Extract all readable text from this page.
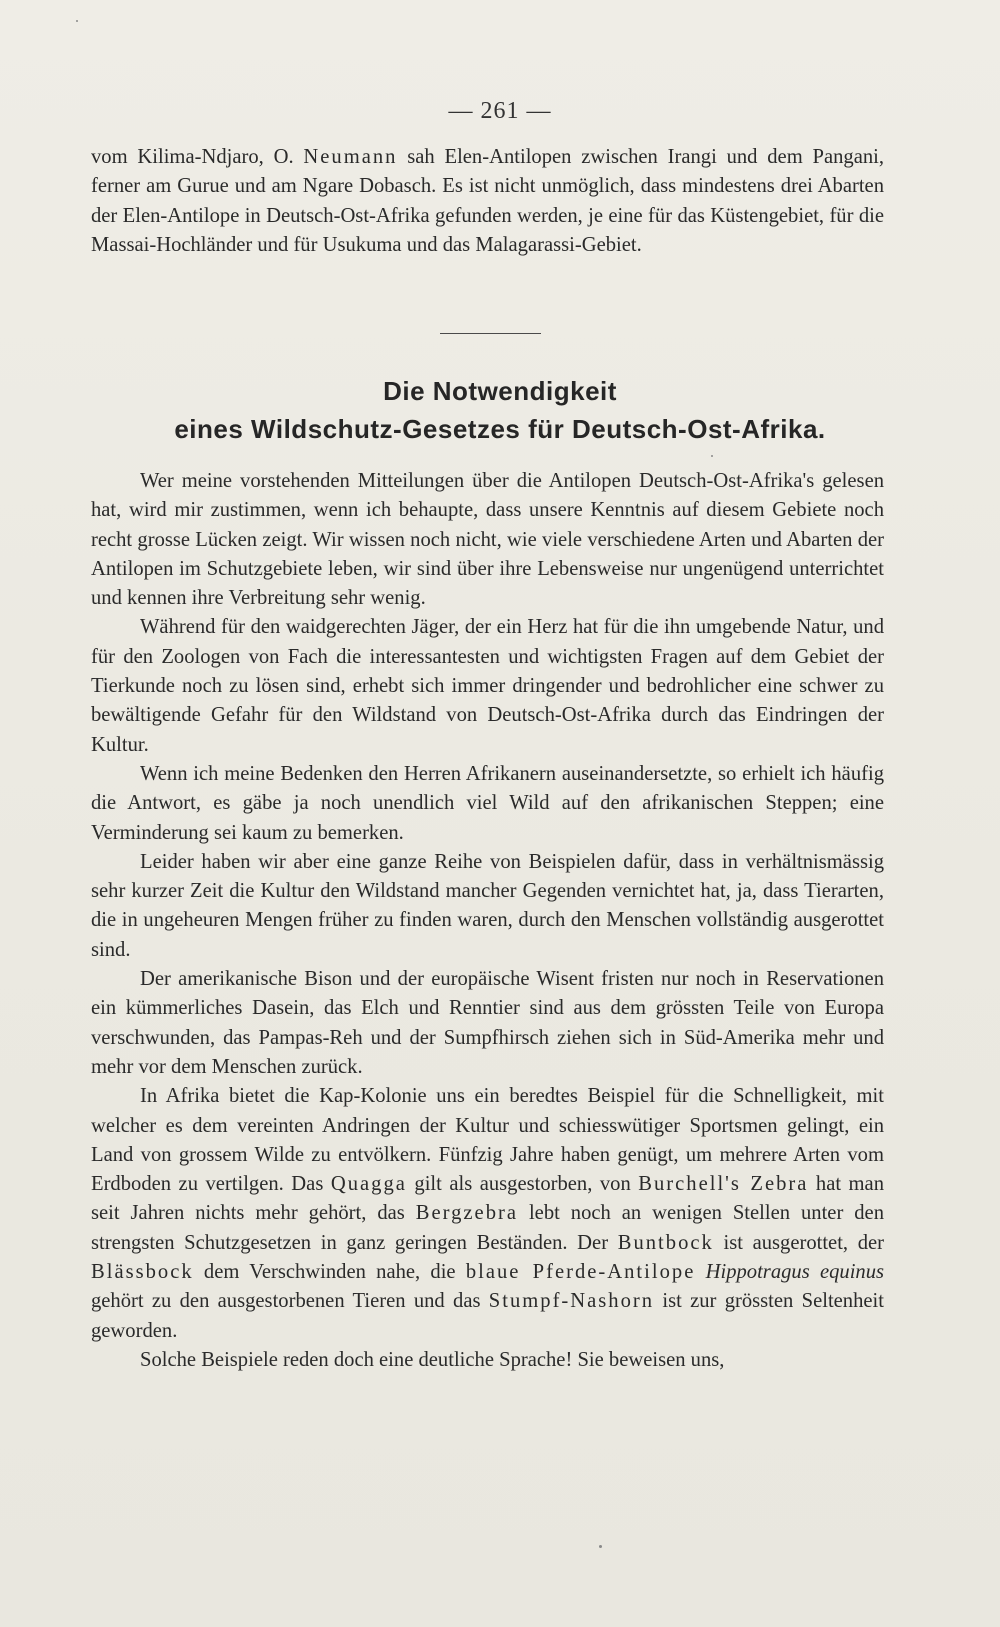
— 261 —

vom Kilima-Ndjaro, O. Neumann sah Elen-Antilopen zwischen Irangi und dem Pangani, ferner am Gurue und am Ngare Dobasch. Es ist nicht unmöglich, dass mindestens drei Abarten der Elen-Antilope in Deutsch-Ost-Afrika gefunden werden, je eine für das Küstengebiet, für die Massai-Hochländer und für Usukuma und das Malagarassi-Gebiet.

Die Notwendigkeit
eines Wildschutz-Gesetzes für Deutsch-Ost-Afrika.

Wer meine vorstehenden Mitteilungen über die Antilopen Deutsch-Ost-Afrika's gelesen hat, wird mir zustimmen, wenn ich behaupte, dass unsere Kenntnis auf diesem Gebiete noch recht grosse Lücken zeigt. Wir wissen noch nicht, wie viele verschiedene Arten und Abarten der Antilopen im Schutzgebiete leben, wir sind über ihre Lebensweise nur ungenügend unterrichtet und kennen ihre Verbreitung sehr wenig.

Während für den waidgerechten Jäger, der ein Herz hat für die ihn umgebende Natur, und für den Zoologen von Fach die interessantesten und wichtigsten Fragen auf dem Gebiet der Tierkunde noch zu lösen sind, erhebt sich immer dringender und bedrohlicher eine schwer zu bewältigende Gefahr für den Wildstand von Deutsch-Ost-Afrika durch das Eindringen der Kultur.

Wenn ich meine Bedenken den Herren Afrikanern auseinandersetzte, so erhielt ich häufig die Antwort, es gäbe ja noch unendlich viel Wild auf den afrikanischen Steppen; eine Verminderung sei kaum zu bemerken.

Leider haben wir aber eine ganze Reihe von Beispielen dafür, dass in verhältnismässig sehr kurzer Zeit die Kultur den Wildstand mancher Gegenden vernichtet hat, ja, dass Tierarten, die in ungeheuren Mengen früher zu finden waren, durch den Menschen vollständig ausgerottet sind.

Der amerikanische Bison und der europäische Wisent fristen nur noch in Reservationen ein kümmerliches Dasein, das Elch und Renntier sind aus dem grössten Teile von Europa verschwunden, das Pampas-Reh und der Sumpfhirsch ziehen sich in Süd-Amerika mehr und mehr vor dem Menschen zurück.

In Afrika bietet die Kap-Kolonie uns ein beredtes Beispiel für die Schnelligkeit, mit welcher es dem vereinten Andringen der Kultur und schiesswütiger Sportsmen gelingt, ein Land von grossem Wilde zu entvölkern. Fünfzig Jahre haben genügt, um mehrere Arten vom Erdboden zu vertilgen. Das Quagga gilt als ausgestorben, von Burchell's Zebra hat man seit Jahren nichts mehr gehört, das Bergzebra lebt noch an wenigen Stellen unter den strengsten Schutzgesetzen in ganz geringen Beständen. Der Buntbock ist ausgerottet, der Blässbock dem Verschwinden nahe, die blaue Pferde-Antilope Hippotragus equinus gehört zu den ausgestorbenen Tieren und das Stumpf-Nashorn ist zur grössten Seltenheit geworden.

Solche Beispiele reden doch eine deutliche Sprache! Sie beweisen uns,
